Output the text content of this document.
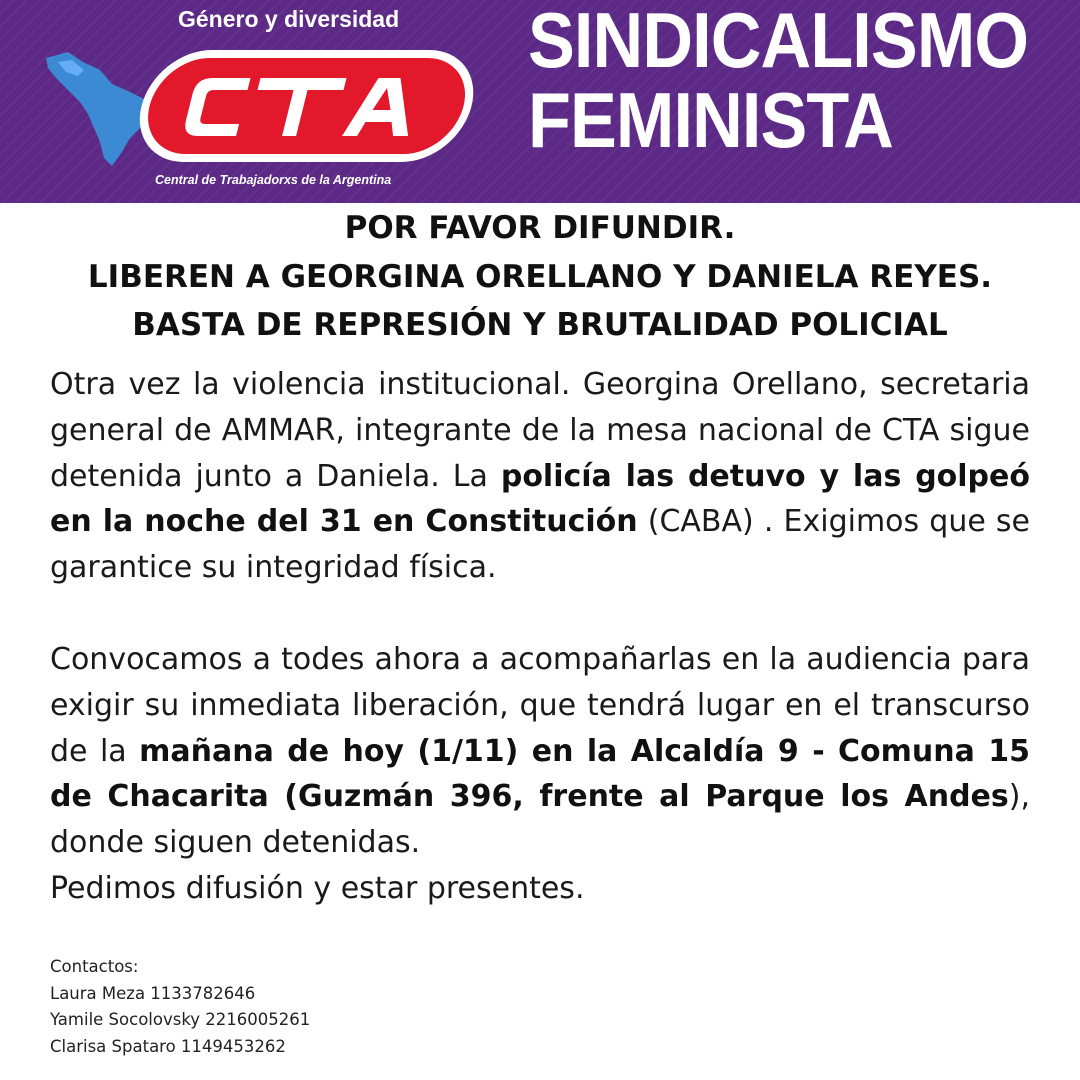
Género y diversidad
Central de Trabajadorxs de la Argentina
SINDICALISMO
FEMINISTA
POR FAVOR DIFUNDIR.
LIBEREN A GEORGINA ORELLANO Y DANIELA REYES.
BASTA DE REPRESIÓN Y BRUTALIDAD POLICIAL

Otra vez la violencia institucional. Georgina Orellano, secretaria general de AMMAR, integrante de la mesa nacional de CTA sigue detenida junto a Daniela. La policía las detuvo y las golpeó en la noche del 31 en Constitución (CABA) . Exigimos que se garantice su integridad física.

Convocamos a todes ahora a acompañarlas en la audiencia para exigir su inmediata liberación, que tendrá lugar en el transcurso de la mañana de hoy (1/11) en la Alcaldía 9 - Comuna 15 de Chacarita (Guzmán 396, frente al Parque los Andes), donde siguen detenidas.

Pedimos difusión y estar presentes.

Contactos:
Laura Meza 1133782646
Yamile Socolovsky 2216005261
Clarisa Spataro 1149453262
